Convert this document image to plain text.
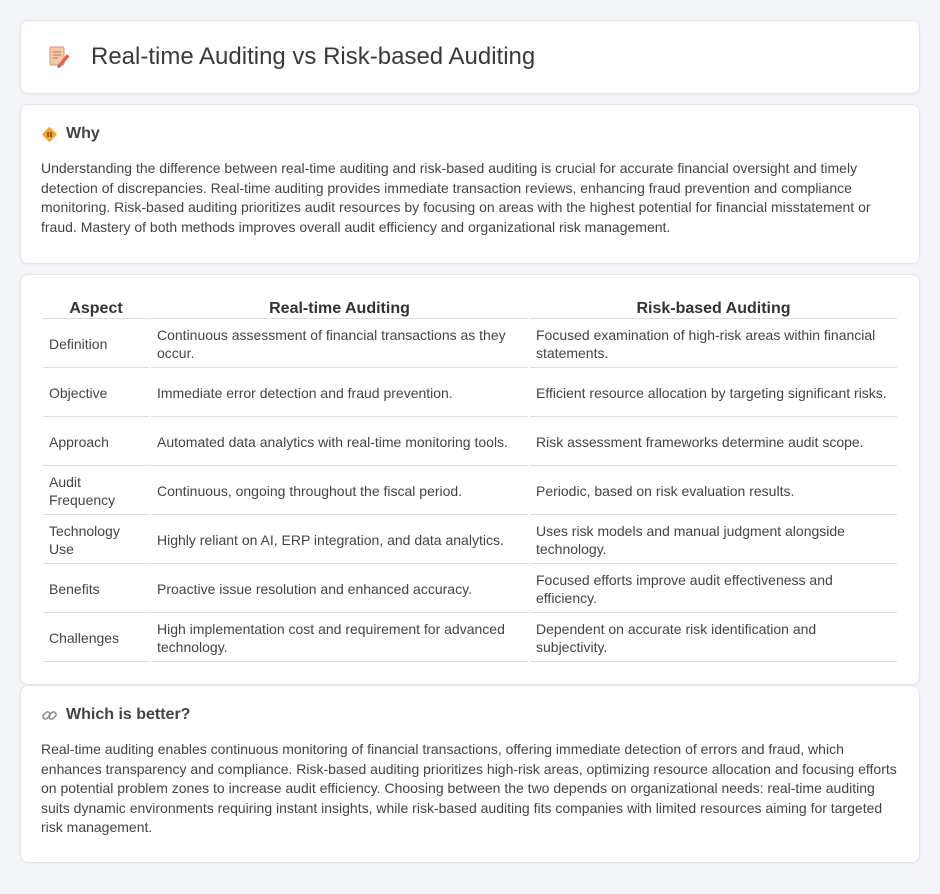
Real-time Auditing vs Risk-based Auditing
Why

Understanding the difference between real-time auditing and risk-based auditing is crucial for accurate financial oversight and timely detection of discrepancies. Real-time auditing provides immediate transaction reviews, enhancing fraud prevention and compliance monitoring. Risk-based auditing prioritizes audit resources by focusing on areas with the highest potential for financial misstatement or fraud. Mastery of both methods improves overall audit efficiency and organizational risk management.

Aspect	Real-time Auditing	Risk-based Auditing
Definition	Continuous assessment of financial transactions as they occur.	Focused examination of high-risk areas within financial statements.
Objective	Immediate error detection and fraud prevention.	Efficient resource allocation by targeting significant risks.
Approach	Automated data analytics with real-time monitoring tools.	Risk assessment frameworks determine audit scope.
Audit Frequency	Continuous, ongoing throughout the fiscal period.	Periodic, based on risk evaluation results.
Technology Use	Highly reliant on AI, ERP integration, and data analytics.	Uses risk models and manual judgment alongside technology.
Benefits	Proactive issue resolution and enhanced accuracy.	Focused efforts improve audit effectiveness and efficiency.
Challenges	High implementation cost and requirement for advanced technology.	Dependent on accurate risk identification and subjectivity.
Which is better?

Real-time auditing enables continuous monitoring of financial transactions, offering immediate detection of errors and fraud, which enhances transparency and compliance. Risk-based auditing prioritizes high-risk areas, optimizing resource allocation and focusing efforts on potential problem zones to increase audit efficiency. Choosing between the two depends on organizational needs: real-time auditing suits dynamic environments requiring instant insights, while risk-based auditing fits companies with limited resources aiming for targeted risk management.
